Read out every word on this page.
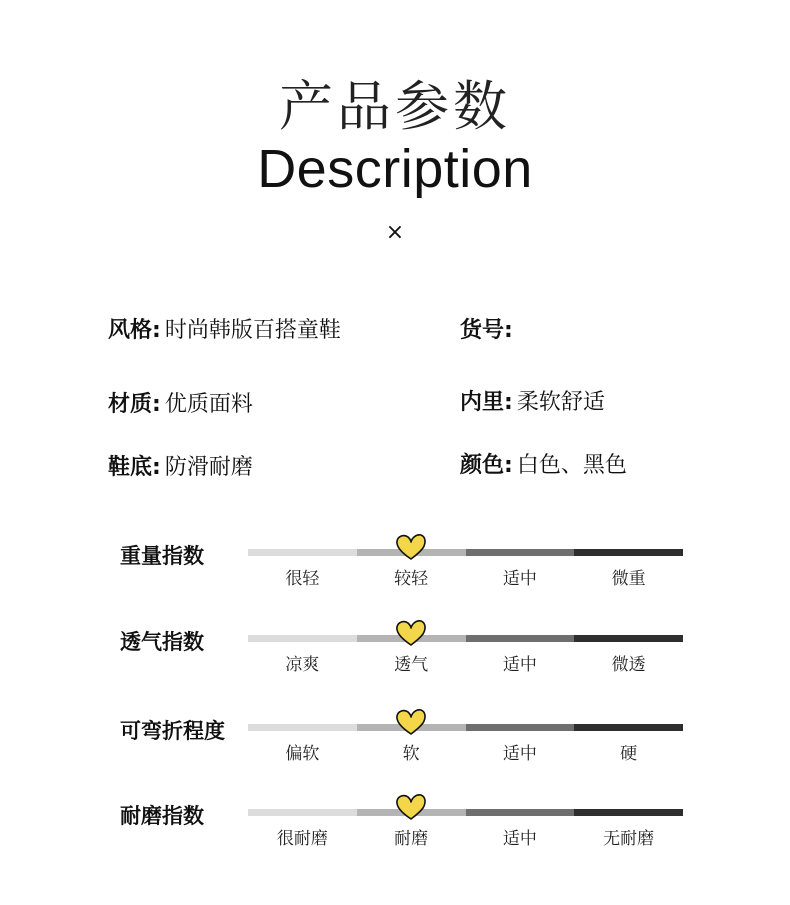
产品参数
Description
×
风格: 时尚韩版百搭童鞋	货号:
材质: 优质面料	内里: 柔软舒适
鞋底: 防滑耐磨	颜色: 白色、黑色
重量指数
很轻	较轻	适中	微重
透气指数
凉爽	透气	适中	微透
可弯折程度
偏软	软	适中	硬
耐磨指数
很耐磨	耐磨	适中	无耐磨
